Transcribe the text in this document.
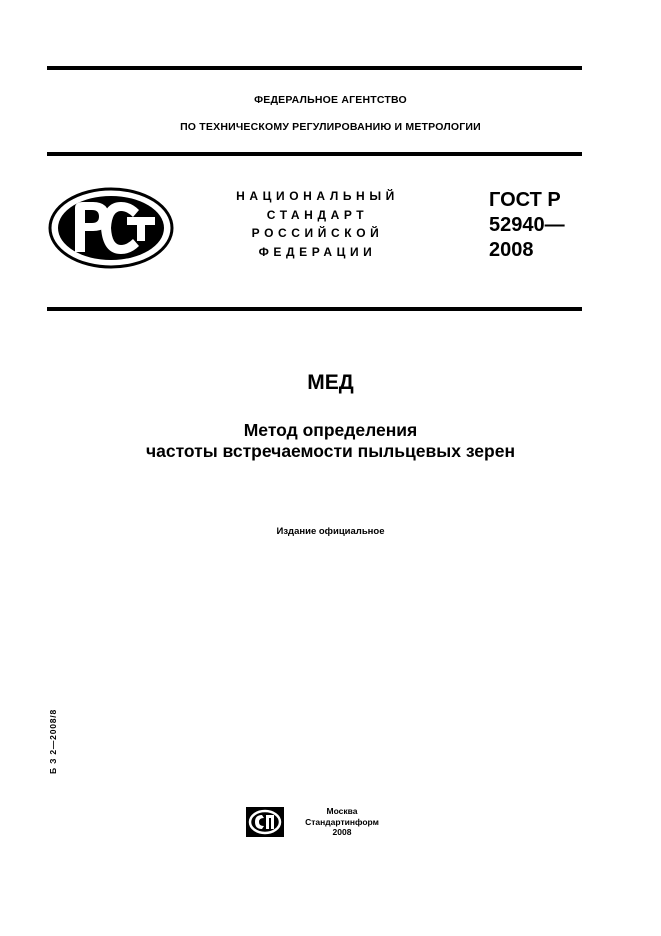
ФЕДЕРАЛЬНОЕ АГЕНТСТВО
ПО ТЕХНИЧЕСКОМУ РЕГУЛИРОВАНИЮ И МЕТРОЛОГИИ
НАЦИОНАЛЬНЫЙ
СТАНДАРТ
РОССИЙСКОЙ
ФЕДЕРАЦИИ
ГОСТ Р
52940—
2008
МЕД
Метод определения
частоты встречаемости пыльцевых зерен
Издание официальное
Б З 2—2008/8
Москва
Стандартинформ
2008
